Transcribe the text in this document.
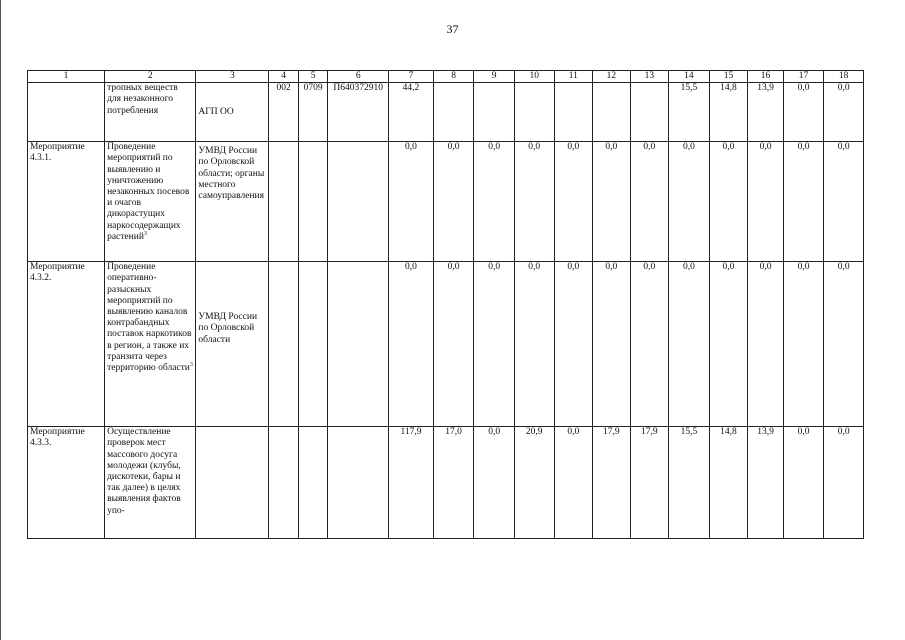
37
1	2	3	4	5	6	7	8	9	10	11	12	13	14	15	16	17	18
	тропных веществ для незаконного потребления	АГП ОО	002	0709	П640372910	44,2							15,5	14,8	13,9	0,0	0,0
Мероприятие 4.3.1.	Проведение мероприятий по выявлению и уничтожению незаконных посевов и очагов дикорастущих наркосодержащих растений$^3$	УМВД России по Орловской области; органы местного самоуправления				0,0	0,0	0,0	0,0	0,0	0,0	0,0	0,0	0,0	0,0	0,0	0,0
Мероприятие 4.3.2.	Проведение оперативно-разыскных мероприятий по выявлению каналов контрабандных поставок наркотиков в регион, а также их транзита через территорию области$^3$	УМВД России по Орловской области				0,0	0,0	0,0	0,0	0,0	0,0	0,0	0,0	0,0	0,0	0,0	0,0
Мероприятие 4.3.3.	Осуществление проверок мест массового досуга молодежи (клубы, дискотеки, бары и так далее) в целях выявления фактов упо-					117,9	17,0	0,0	20,9	0,0	17,9	17,9	15,5	14,8	13,9	0,0	0,0
